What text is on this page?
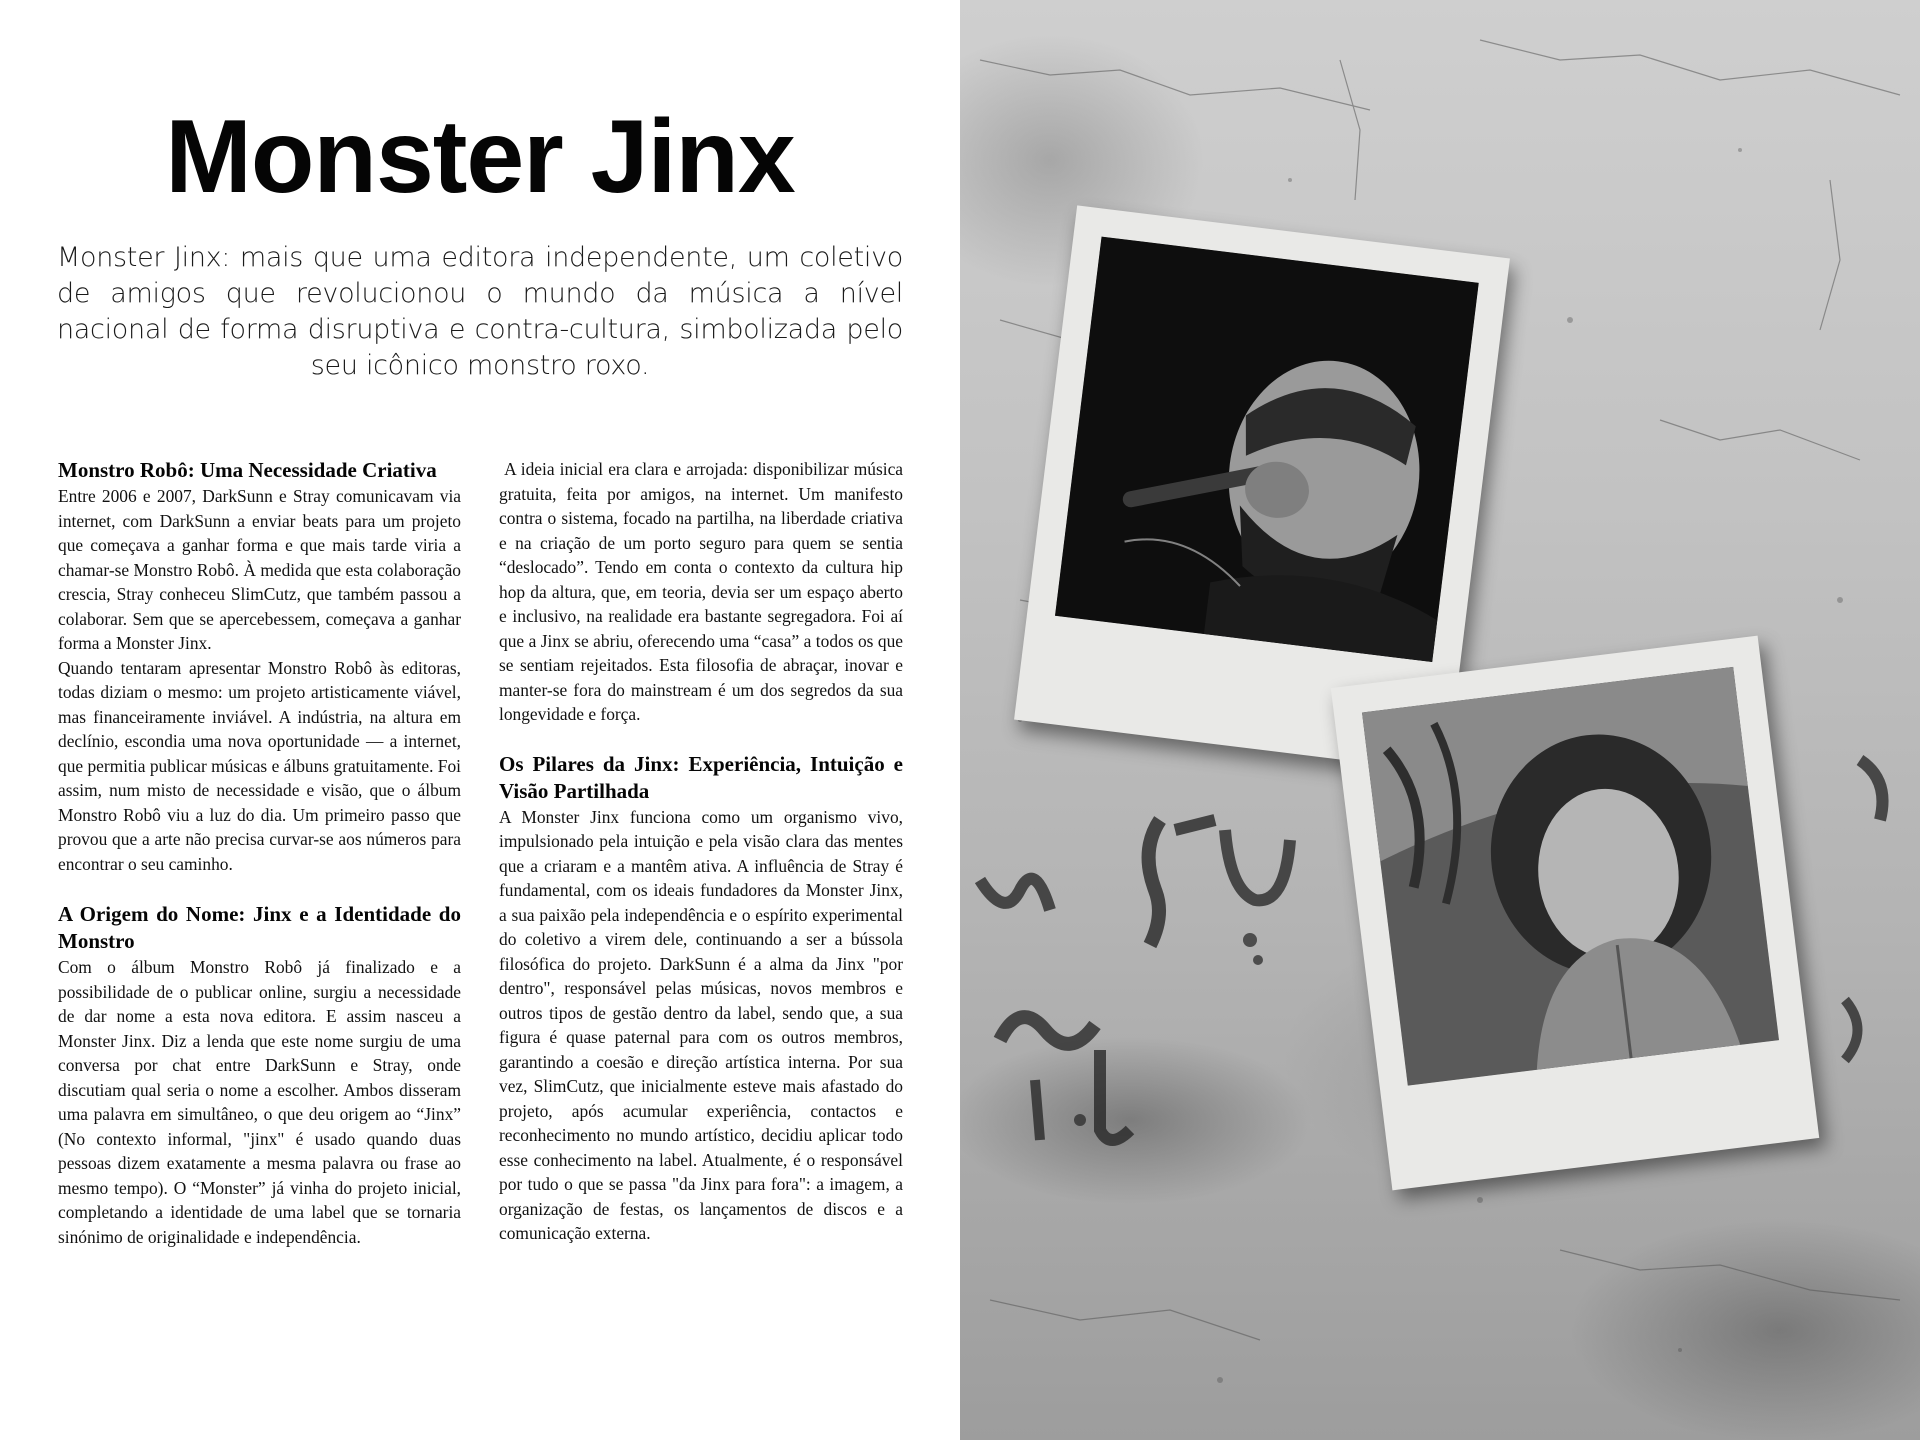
Monster Jinx

Monster Jinx: mais que uma editora independente, um coletivo de amigos que revolucionou o mundo da música a nível nacional de forma disruptiva e contra-cultura, simbolizada pelo seu icônico monstro roxo.

Monstro Robô: Uma Necessidade Criativa

Entre 2006 e 2007, DarkSunn e Stray comunicavam via internet, com DarkSunn a enviar beats para um projeto que começava a ganhar forma e que mais tarde viria a chamar-se Monstro Robô. À medida que esta colaboração crescia, Stray conheceu SlimCutz, que também passou a colaborar. Sem que se apercebessem, começava a ganhar forma a Monster Jinx.

Quando tentaram apresentar Monstro Robô às editoras, todas diziam o mesmo: um projeto artisticamente viável, mas financeiramente inviável. A indústria, na altura em declínio, escondia uma nova oportunidade — a internet, que permitia publicar músicas e álbuns gratuitamente. Foi assim, num misto de necessidade e visão, que o álbum Monstro Robô viu a luz do dia. Um primeiro passo que provou que a arte não precisa curvar-se aos números para encontrar o seu caminho.

A Origem do Nome: Jinx e a Identidade do Monstro

Com o álbum Monstro Robô já finalizado e a possibilidade de o publicar online, surgiu a necessidade de dar nome a esta nova editora. E assim nasceu a Monster Jinx. Diz a lenda que este nome surgiu de uma conversa por chat entre DarkSunn e Stray, onde discutiam qual seria o nome a escolher. Ambos disseram uma palavra em simultâneo, o que deu origem ao “Jinx” (No contexto informal, "jinx" é usado quando duas pessoas dizem exatamente a mesma palavra ou frase ao mesmo tempo). O “Monster” já vinha do projeto inicial, completando a identidade de uma label que se tornaria sinónimo de originalidade e independência.

A ideia inicial era clara e arrojada: disponibilizar música gratuita, feita por amigos, na internet. Um manifesto contra o sistema, focado na partilha, na liberdade criativa e na criação de um porto seguro para quem se sentia “deslocado”. Tendo em conta o contexto da cultura hip hop da altura, que, em teoria, devia ser um espaço aberto e inclusivo, na realidade era bastante segregadora. Foi aí que a Jinx se abriu, oferecendo uma “casa” a todos os que se sentiam rejeitados. Esta filosofia de abraçar, inovar e manter-se fora do mainstream é um dos segredos da sua longevidade e força.

Os Pilares da Jinx: Experiência, Intuição e Visão Partilhada

A Monster Jinx funciona como um organismo vivo, impulsionado pela intuição e pela visão clara das mentes que a criaram e a mantêm ativa. A influência de Stray é fundamental, com os ideais fundadores da Monster Jinx, a sua paixão pela independência e o espírito experimental do coletivo a virem dele, continuando a ser a bússola filosófica do projeto. DarkSunn é a alma da Jinx "por dentro", responsável pelas músicas, novos membros e outros tipos de gestão dentro da label, sendo que, a sua figura é quase paternal para com os outros membros, garantindo a coesão e direção artística interna. Por sua vez, SlimCutz, que inicialmente esteve mais afastado do projeto, após acumular experiência, contactos e reconhecimento no mundo artístico, decidiu aplicar todo esse conhecimento na label. Atualmente, é o responsável por tudo o que se passa "da Jinx para fora": a imagem, a organização de festas, os lançamentos de discos e a comunicação externa.
